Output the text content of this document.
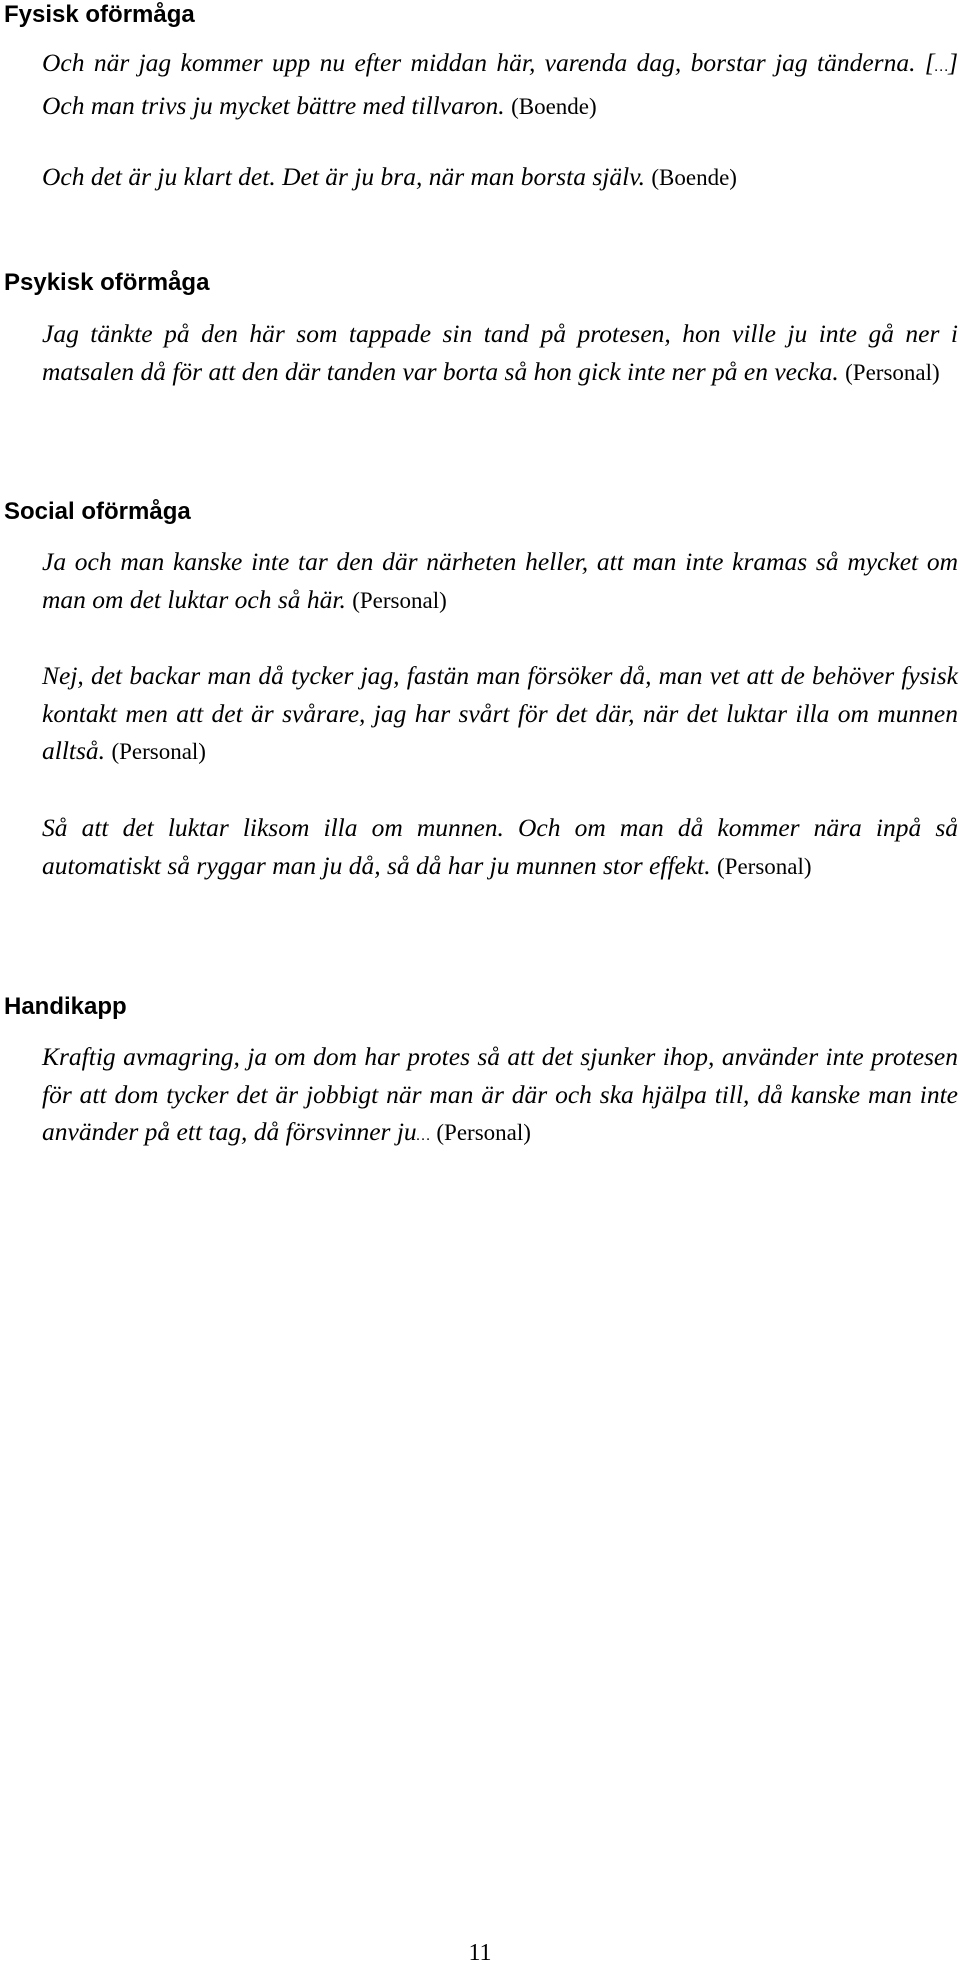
Fysisk oförmåga

Och när jag kommer upp nu efter middan här, varenda dag, borstar jag tänderna. […] Och man trivs ju mycket bättre med tillvaron. (Boende)

Och det är ju klart det. Det är ju bra, när man borsta själv. (Boende)

Psykisk oförmåga

Jag tänkte på den här som tappade sin tand på protesen, hon ville ju inte gå ner i matsalen då för att den där tanden var borta så hon gick inte ner på en vecka. (Personal)

Social oförmåga

Ja och man kanske inte tar den där närheten heller, att man inte kramas så mycket om man om det luktar och så här. (Personal)

Nej, det backar man då tycker jag, fastän man försöker då, man vet att de behöver fysisk kontakt men att det är svårare, jag har svårt för det där, när det luktar illa om munnen alltså. (Personal)

Så att det luktar liksom illa om munnen. Och om man då kommer nära inpå så automatiskt så ryggar man ju då, så då har ju munnen stor effekt. (Personal)

Handikapp

Kraftig avmagring, ja om dom har protes så att det sjunker ihop, använder inte protesen för att dom tycker det är jobbigt när man är där och ska hjälpa till, då kanske man inte använder på ett tag, då försvinner ju… (Personal)

11
